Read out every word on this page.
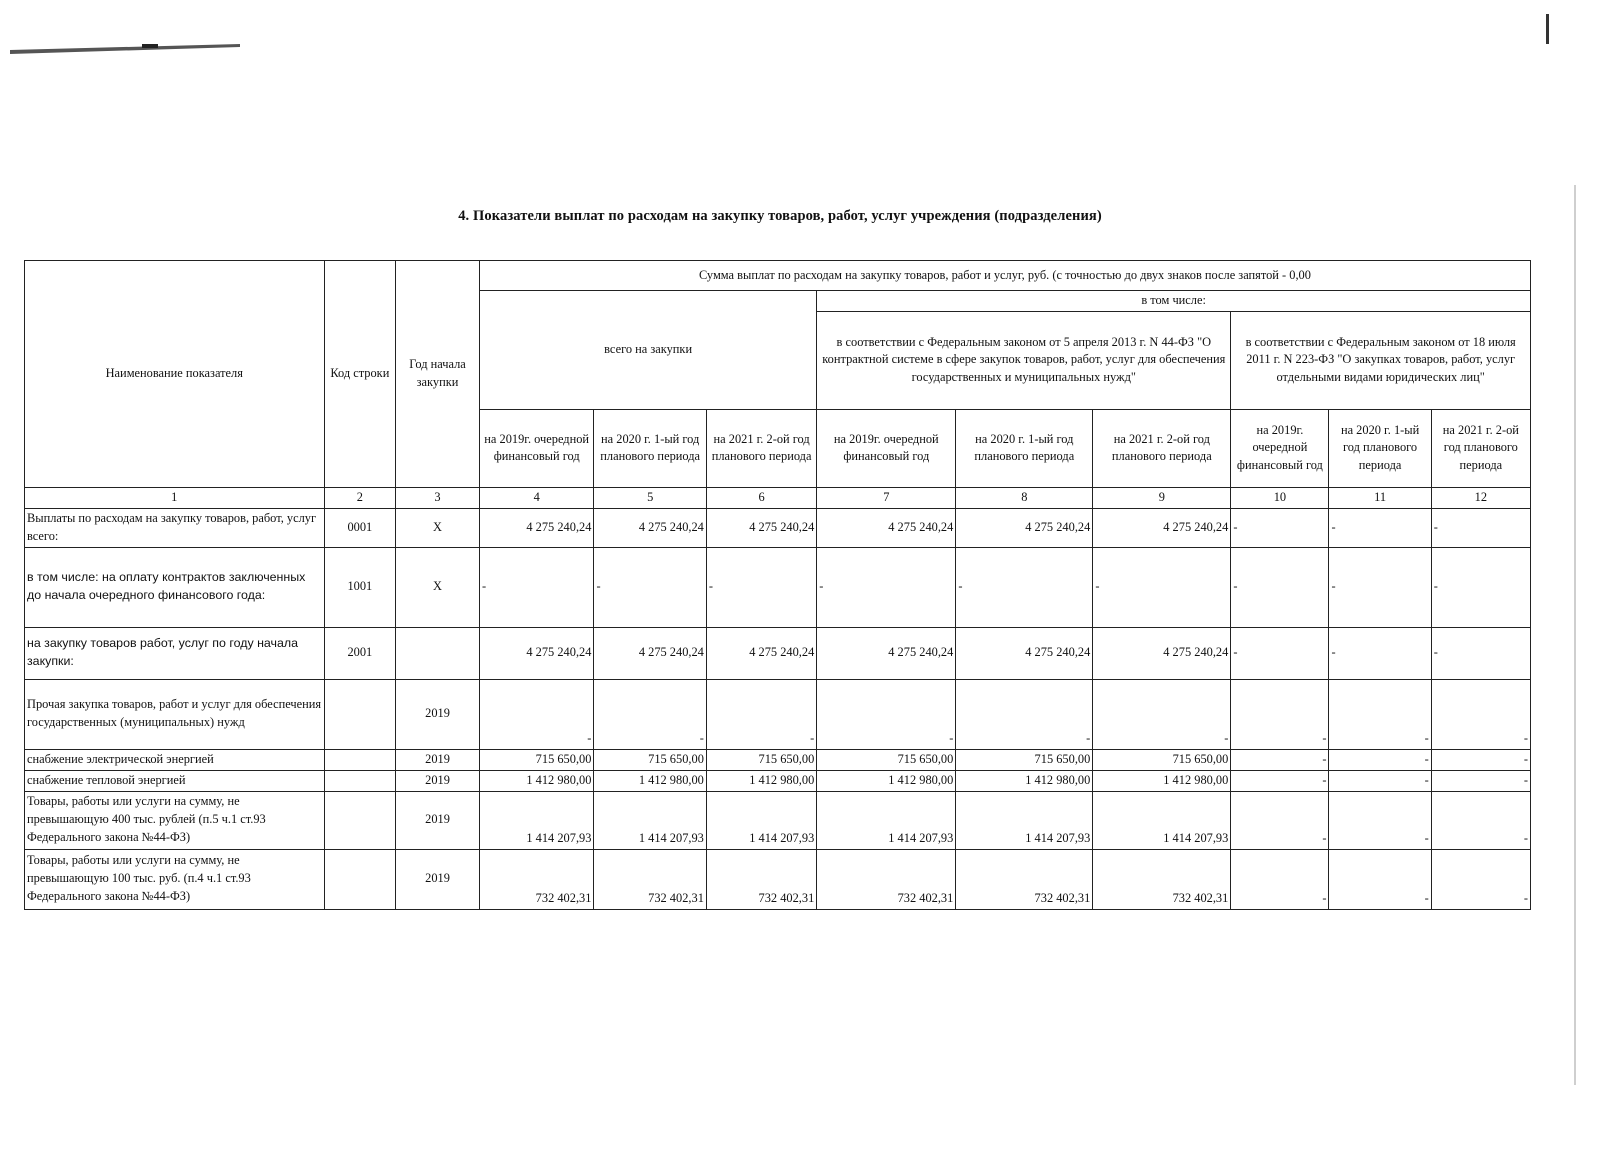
4. Показатели выплат по расходам на закупку товаров, работ, услуг учреждения (подразделения)
Наименование показателя	Код строки	Год начала закупки	Сумма выплат по расходам на закупку товаров, работ и услуг, руб. (с точностью до двух знаков после запятой - 0,00								
			всего на закупки			в том числе:					
						в соответствии с Федеральным законом от 5 апреля 2013 г. N 44-ФЗ "О контрактной системе в сфере закупок товаров, работ, услуг для обеспечения государственных и муниципальных нужд"			в соответствии с Федеральным законом от 18 июля 2011 г. N 223-ФЗ "О закупках товаров, работ, услуг отдельными видами юридических лиц"		
			на 2019г. очередной финансовый год	на 2020 г. 1-ый год планового периода	на 2021 г. 2-ой год планового периода	на 2019г. очередной финансовый год	на 2020 г. 1-ый год планового периода	на 2021 г. 2-ой год планового периода	на 2019г. очередной финансовый год	на 2020 г. 1-ый год планового периода	на 2021 г. 2-ой год планового периода
1	2	3	4	5	6	7	8	9	10	11	12
Выплаты по расходам на закупку товаров, работ, услуг всего:	0001	X	4 275 240,24	4 275 240,24	4 275 240,24	4 275 240,24	4 275 240,24	4 275 240,24	-	-	-
в том числе: на оплату контрактов заключенных до начала очередного финансового года:	1001	X	-	-	-	-	-	-	-	-	-
на закупку товаров работ, услуг по году начала закупки:	2001		4 275 240,24	4 275 240,24	4 275 240,24	4 275 240,24	4 275 240,24	4 275 240,24	-	-	-
Прочая закупка товаров, работ и услуг для обеспечения государственных (муниципальных) нужд		2019	-	-	-	-	-	-	-	-	-
снабжение электрической энергией		2019	715 650,00	715 650,00	715 650,00	715 650,00	715 650,00	715 650,00	-	-	-
снабжение тепловой энергией		2019	1 412 980,00	1 412 980,00	1 412 980,00	1 412 980,00	1 412 980,00	1 412 980,00	-	-	-
Товары, работы или услуги на сумму, не превышающую 400 тыс. рублей (п.5 ч.1 ст.93 Федерального закона №44-ФЗ)		2019	1 414 207,93	1 414 207,93	1 414 207,93	1 414 207,93	1 414 207,93	1 414 207,93	-	-	-
Товары, работы или услуги на сумму, не превышающую 100 тыс. руб. (п.4 ч.1 ст.93 Федерального закона №44-ФЗ)		2019	732 402,31	732 402,31	732 402,31	732 402,31	732 402,31	732 402,31	-	-	-
